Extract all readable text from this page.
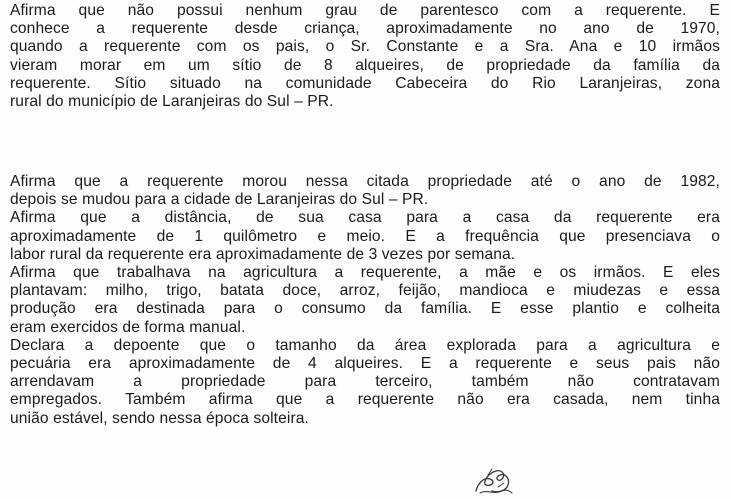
Afirma que não possui nenhum grau de parentesco com a requerente. E
conhece a requerente desde criança, aproximadamente no ano de 1970,
quando a requerente com os pais, o Sr. Constante e a Sra. Ana e 10 irmãos
vieram morar em um sítio de 8 alqueires, de propriedade da família da
requerente. Sítio situado na comunidade Cabeceira do Rio Laranjeiras, zona
rural do município de Laranjeiras do Sul – PR.

Afirma que a requerente morou nessa citada propriedade até o ano de 1982,
depois se mudou para a cidade de Laranjeiras do Sul – PR.
Afirma que a distância, de sua casa para a casa da requerente era
aproximadamente de 1 quilômetro e meio. E a frequência que presenciava o
labor rural da requerente era aproximadamente de 3 vezes por semana.
Afirma que trabalhava na agricultura a requerente, a mãe e os irmãos. E eles
plantavam: milho, trigo, batata doce, arroz, feijão, mandioca e miudezas e essa
produção era destinada para o consumo da família. E esse plantio e colheita
eram exercidos de forma manual.
Declara a depoente que o tamanho da área explorada para a agricultura e
pecuária era aproximadamente de 4 alqueires. E a requerente e seus pais não
arrendavam a propriedade para terceiro, também não contratavam
empregados. Também afirma que a requerente não era casada, nem tinha
união estável, sendo nessa época solteira.
